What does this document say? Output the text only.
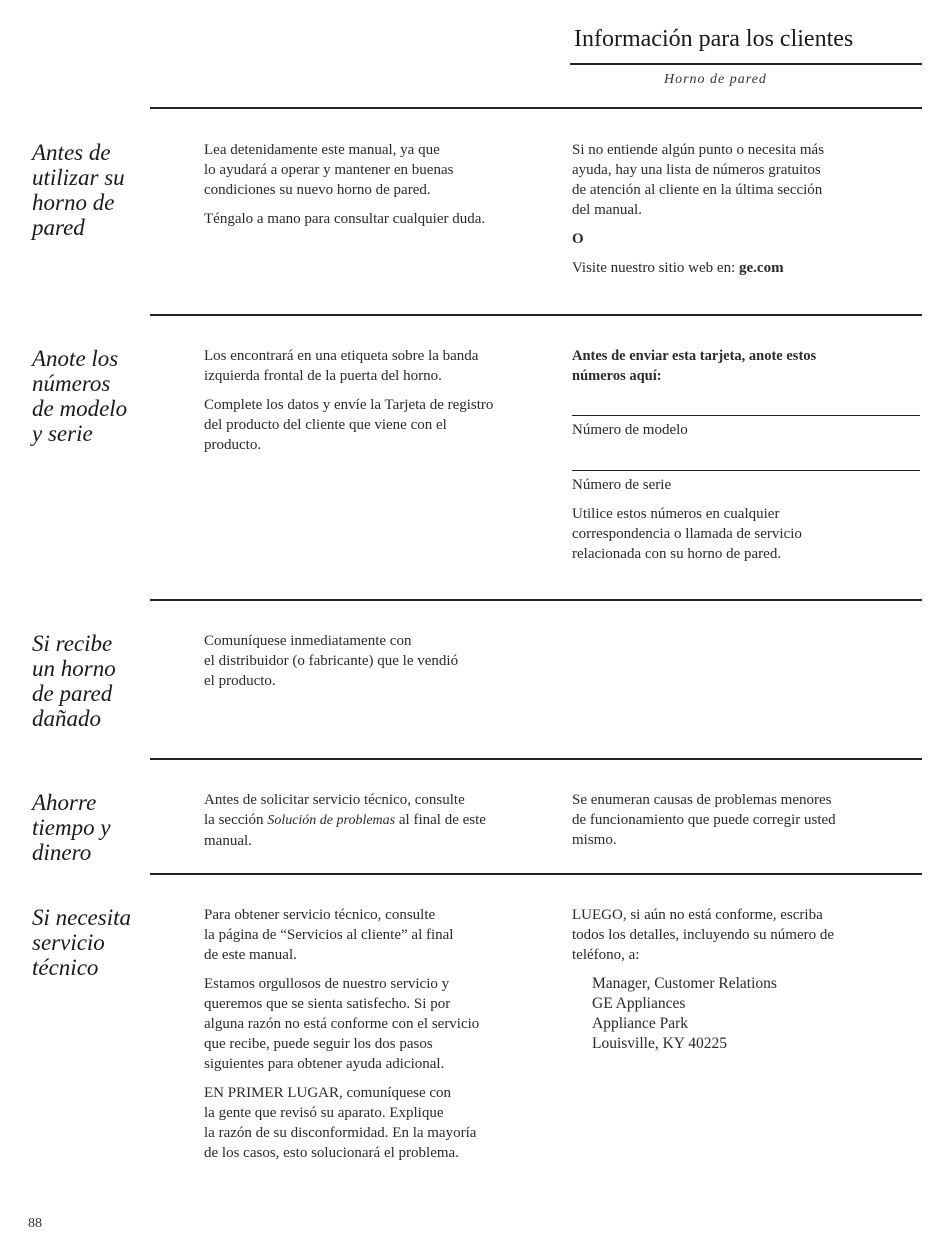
Información para los clientes
Horno de pared
Antes de
utilizar su
horno de
pared

Lea detenidamente este manual, ya que
lo ayudará a operar y mantener en buenas
condiciones su nuevo horno de pared.

Téngalo a mano para consultar cualquier duda.

Si no entiende algún punto o necesita más
ayuda, hay una lista de números gratuitos
de atención al cliente en la última sección
del manual.

O

Visite nuestro sitio web en: ge.com

Anote los
números
de modelo
y serie

Los encontrará en una etiqueta sobre la banda
izquierda frontal de la puerta del horno.

Complete los datos y envíe la Tarjeta de registro
del producto del cliente que viene con el
producto.

Antes de enviar esta tarjeta, anote estos
números aquí:

Número de modelo

Número de serie

Utilice estos números en cualquier
correspondencia o llamada de servicio
relacionada con su horno de pared.

Si recibe
un horno
de pared
dañado

Comuníquese inmediatamente con
el distribuidor (o fabricante) que le vendió
el producto.

Ahorre
tiempo y
dinero

Antes de solicitar servicio técnico, consulte
la sección Solución de problemas al final de este
manual.

Se enumeran causas de problemas menores
de funcionamiento que puede corregir usted
mismo.

Si necesita
servicio
técnico

Para obtener servicio técnico, consulte
la página de “Servicios al cliente” al final
de este manual.

Estamos orgullosos de nuestro servicio y
queremos que se sienta satisfecho. Si por
alguna razón no está conforme con el servicio
que recibe, puede seguir los dos pasos
siguientes para obtener ayuda adicional.

EN PRIMER LUGAR, comuníquese con
la gente que revisó su aparato. Explique
la razón de su disconformidad. En la mayoría
de los casos, esto solucionará el problema.

LUEGO, si aún no está conforme, escriba
todos los detalles, incluyendo su número de
teléfono, a:

Manager, Customer Relations
GE Appliances
Appliance Park
Louisville, KY 40225
88
